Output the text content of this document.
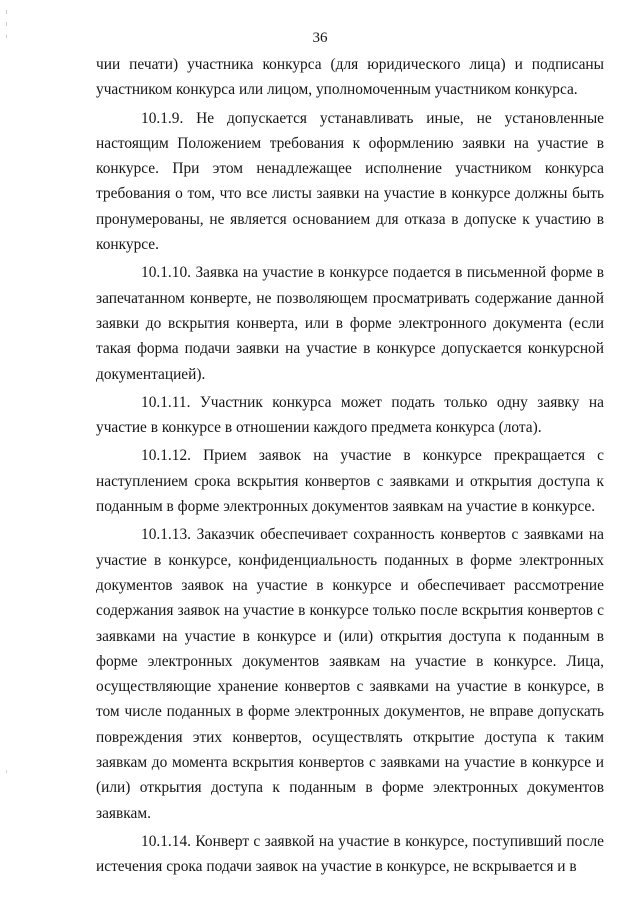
36

чии печати) участника конкурса (для юридического лица) и подписаны участником конкурса или лицом, уполномоченным участником конкурса.

10.1.9. Не допускается устанавливать иные, не установленные настоящим Положением требования к оформлению заявки на участие в конкурсе. При этом ненадлежащее исполнение участником конкурса требования о том, что все листы заявки на участие в конкурсе должны быть пронумерованы, не является основанием для отказа в допуске к участию в конкурсе.

10.1.10. Заявка на участие в конкурсе подается в письменной форме в запечатанном конверте, не позволяющем просматривать содержание данной заявки до вскрытия конверта, или в форме электронного документа (если такая форма подачи заявки на участие в конкурсе допускается конкурсной документацией).

10.1.11. Участник конкурса может подать только одну заявку на участие в конкурсе в отношении каждого предмета конкурса (лота).

10.1.12. Прием заявок на участие в конкурсе прекращается с наступлением срока вскрытия конвертов с заявками и открытия доступа к поданным в форме электронных документов заявкам на участие в конкурсе.

10.1.13. Заказчик обеспечивает сохранность конвертов с заявками на участие в конкурсе, конфиденциальность поданных в форме электронных документов заявок на участие в конкурсе и обеспечивает рассмотрение содержания заявок на участие в конкурсе только после вскрытия конвертов с заявками на участие в конкурсе и (или) открытия доступа к поданным в форме электронных документов заявкам на участие в конкурсе. Лица, осуществляющие хранение конвертов с заявками на участие в конкурсе, в том числе поданных в форме электронных документов, не вправе допускать повреждения этих конвертов, осуществлять открытие доступа к таким заявкам до момента вскрытия конвертов с заявками на участие в конкурсе и (или) открытия доступа к поданным в форме электронных документов заявкам.

10.1.14. Конверт с заявкой на участие в конкурсе, поступивший после истечения срока подачи заявок на участие в конкурсе, не вскрывается и в
